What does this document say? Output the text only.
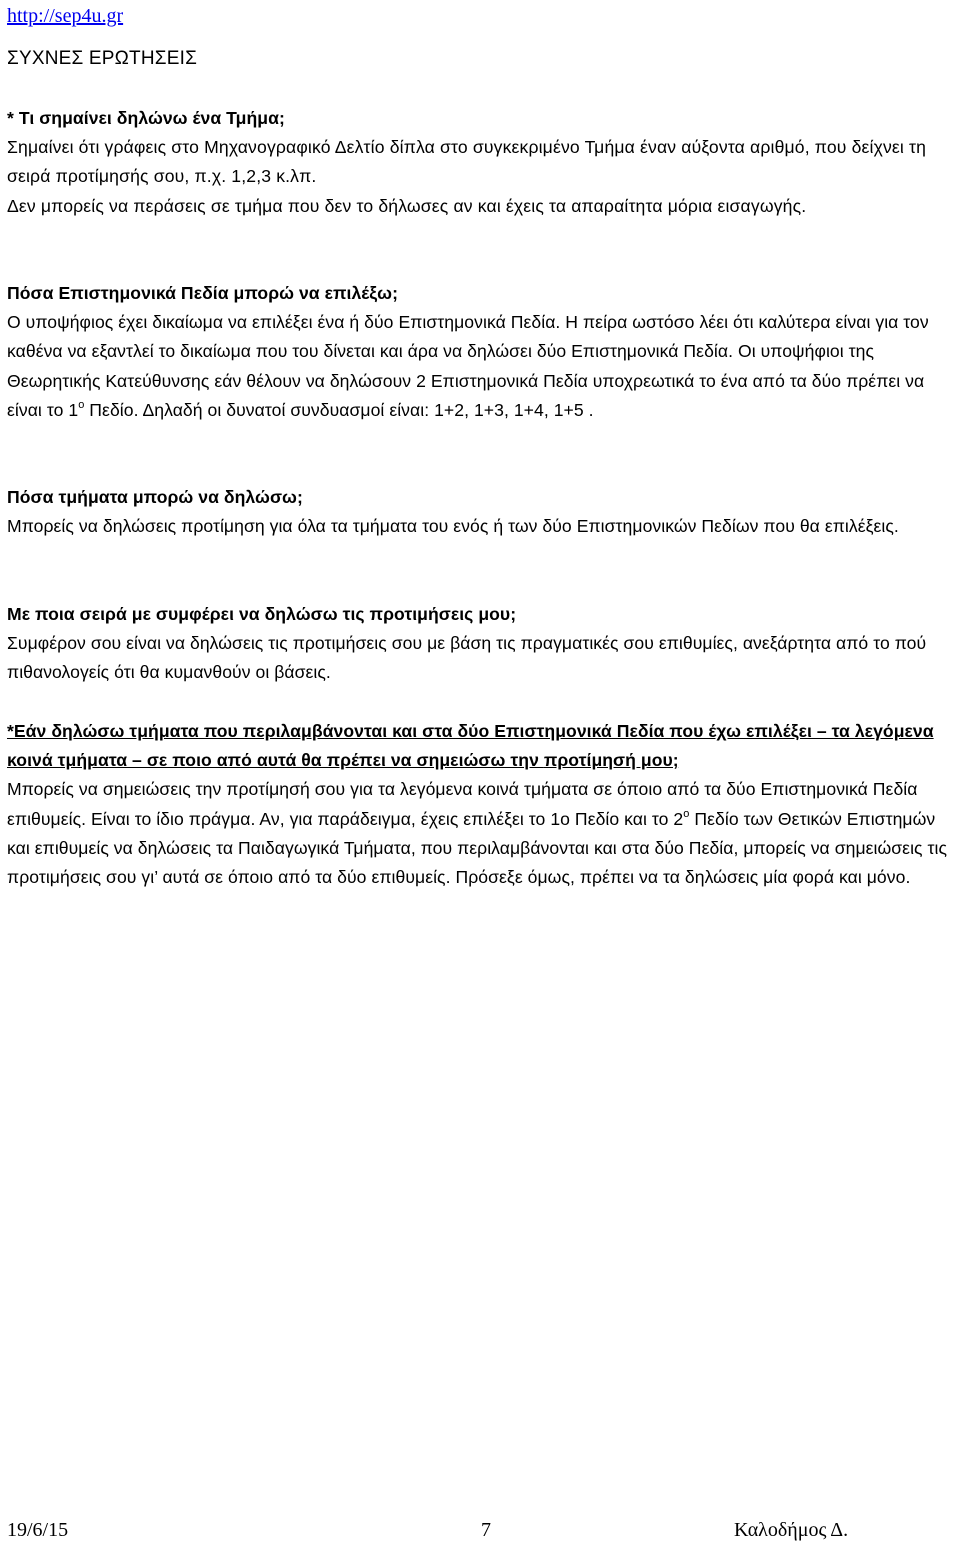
http://sep4u.gr
ΣΥΧΝΕΣ ΕΡΩΤΗΣΕΙΣ

* Τι σημαίνει δηλώνω ένα Τμήμα;

Σημαίνει ότι γράφεις στο Μηχανογραφικό Δελτίο δίπλα στο συγκεκριμένο Τμήμα έναν αύξοντα αριθμό, που δείχνει τη σειρά προτίμησής σου, π.χ. 1,2,3 κ.λπ.

Δεν μπορείς να περάσεις σε τμήμα που δεν το δήλωσες αν και έχεις τα απαραίτητα μόρια εισαγωγής.

Πόσα Επιστημονικά Πεδία μπορώ να επιλέξω;

Ο υποψήφιος έχει δικαίωμα να επιλέξει ένα ή δύο Επιστημονικά Πεδία. Η πείρα ωστόσο λέει ότι καλύτερα είναι για τον καθένα να εξαντλεί το δικαίωμα που του δίνεται και άρα να δηλώσει δύο Επιστημονικά Πεδία. Οι υποψήφιοι της Θεωρητικής Κατεύθυνσης εάν θέλουν να δηλώσουν 2 Επιστημονικά Πεδία υποχρεωτικά το ένα από τα δύο πρέπει να είναι το $1^o$ Πεδίο. Δηλαδή οι δυνατοί συνδυασμοί είναι: 1+2, 1+3, 1+4, 1+5 .

Πόσα τμήματα μπορώ να δηλώσω;

Μπορείς να δηλώσεις προτίμηση για όλα τα τμήματα του ενός ή των δύο Επιστημονικών Πεδίων που θα επιλέξεις.

Με ποια σειρά με συμφέρει να δηλώσω τις προτιμήσεις μου;

Συμφέρον σου είναι να δηλώσεις τις προτιμήσεις σου με βάση τις πραγματικές σου επιθυμίες, ανεξάρτητα από το πού πιθανολογείς ότι θα κυμανθούν οι βάσεις.

*Εάν δηλώσω τμήματα που περιλαμβάνονται και στα δύο Επιστημονικά Πεδία που έχω επιλέξει – τα λεγόμενα κοινά τμήματα – σε ποιο από αυτά θα πρέπει να σημειώσω την προτίμησή μου;

Μπορείς να σημειώσεις την προτίμησή σου για τα λεγόμενα κοινά τμήματα σε όποιο από τα δύο Επιστημονικά Πεδία επιθυμείς. Είναι το ίδιο πράγμα. Αν, για παράδειγμα, έχεις επιλέξει το 1ο Πεδίο και το $2^o$ Πεδίο των Θετικών Επιστημών και επιθυμείς να δηλώσεις τα Παιδαγωγικά Τμήματα, που περιλαμβάνονται και στα δύο Πεδία, μπορείς να σημειώσεις τις προτιμήσεις σου γι’ αυτά σε όποιο από τα δύο επιθυμείς. Πρόσεξε όμως, πρέπει να τα δηλώσεις μία φορά και μόνο.

19/6/15	7	Καλοδήμος Δ.
